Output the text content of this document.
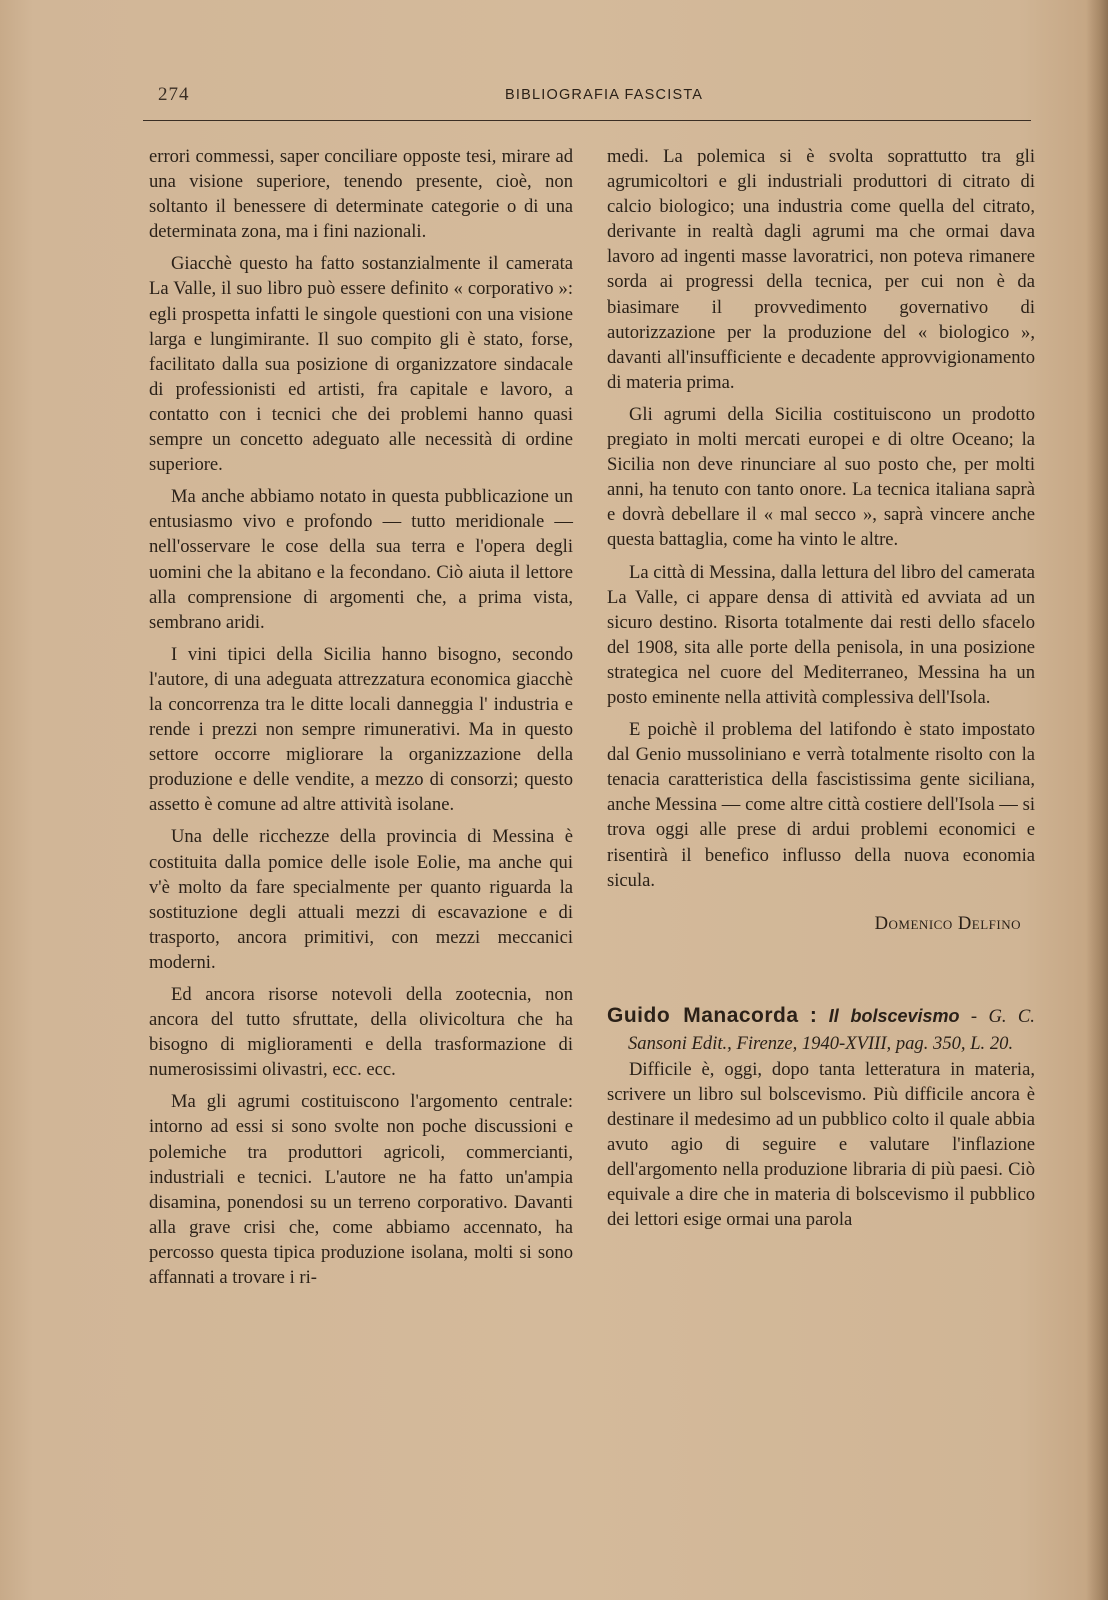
274	BIBLIOGRAFIA FASCISTA

errori commessi, saper conciliare opposte tesi, mirare ad una visione superiore, tenendo presente, cioè, non soltanto il benessere di determinate categorie o di una determinata zona, ma i fini nazionali.

Giacchè questo ha fatto sostanzialmente il camerata La Valle, il suo libro può essere definito « corporativo »: egli prospetta infatti le singole questioni con una visione larga e lungimirante. Il suo compito gli è stato, forse, facilitato dalla sua posizione di organizzatore sindacale di professionisti ed artisti, fra capitale e lavoro, a contatto con i tecnici che dei problemi hanno quasi sempre un concetto adeguato alle necessità di ordine superiore.

Ma anche abbiamo notato in questa pubblicazione un entusiasmo vivo e profondo — tutto meridionale — nell'osservare le cose della sua terra e l'opera degli uomini che la abitano e la fecondano. Ciò aiuta il lettore alla comprensione di argomenti che, a prima vista, sembrano aridi.

I vini tipici della Sicilia hanno bisogno, secondo l'autore, di una adeguata attrezzatura economica giacchè la concorrenza tra le ditte locali danneggia l' industria e rende i prezzi non sempre rimunerativi. Ma in questo settore occorre migliorare la organizzazione della produzione e delle vendite, a mezzo di consorzi; questo assetto è comune ad altre attività isolane.

Una delle ricchezze della provincia di Messina è costituita dalla pomice delle isole Eolie, ma anche qui v'è molto da fare specialmente per quanto riguarda la sostituzione degli attuali mezzi di escavazione e di trasporto, ancora primitivi, con mezzi meccanici moderni.

Ed ancora risorse notevoli della zootecnia, non ancora del tutto sfruttate, della olivicoltura che ha bisogno di miglioramenti e della trasformazione di numerosissimi olivastri, ecc. ecc.

Ma gli agrumi costituiscono l'argomento centrale: intorno ad essi si sono svolte non poche discussioni e polemiche tra produttori agricoli, commercianti, industriali e tecnici. L'autore ne ha fatto un'ampia disamina, ponendosi su un terreno corporativo. Davanti alla grave crisi che, come abbiamo accennato, ha percosso questa tipica produzione isolana, molti si sono affannati a trovare i ri-

medi. La polemica si è svolta soprattutto tra gli agrumicoltori e gli industriali produttori di citrato di calcio biologico; una industria come quella del citrato, derivante in realtà dagli agrumi ma che ormai dava lavoro ad ingenti masse lavoratrici, non poteva rimanere sorda ai progressi della tecnica, per cui non è da biasimare il provvedimento governativo di autorizzazione per la produzione del « biologico », davanti all'insufficiente e decadente approvvigionamento di materia prima.

Gli agrumi della Sicilia costituiscono un prodotto pregiato in molti mercati europei e di oltre Oceano; la Sicilia non deve rinunciare al suo posto che, per molti anni, ha tenuto con tanto onore. La tecnica italiana saprà e dovrà debellare il « mal secco », saprà vincere anche questa battaglia, come ha vinto le altre.

La città di Messina, dalla lettura del libro del camerata La Valle, ci appare densa di attività ed avviata ad un sicuro destino. Risorta totalmente dai resti dello sfacelo del 1908, sita alle porte della penisola, in una posizione strategica nel cuore del Mediterraneo, Messina ha un posto eminente nella attività complessiva dell'Isola.

E poichè il problema del latifondo è stato impostato dal Genio mussoliniano e verrà totalmente risolto con la tenacia caratteristica della fascistissima gente siciliana, anche Messina — come altre città costiere dell'Isola — si trova oggi alle prese di ardui problemi economici e risentirà il benefico influsso della nuova economia sicula.

Domenico Delfino
Guido Manacorda : Il bolscevismo - G. C. Sansoni Edit., Firenze, 1940-XVIII, pag. 350, L. 20.

Difficile è, oggi, dopo tanta letteratura in materia, scrivere un libro sul bolscevismo. Più difficile ancora è destinare il medesimo ad un pubblico colto il quale abbia avuto agio di seguire e valutare l'inflazione dell'argomento nella produzione libraria di più paesi. Ciò equivale a dire che in materia di bolscevismo il pubblico dei lettori esige ormai una parola
